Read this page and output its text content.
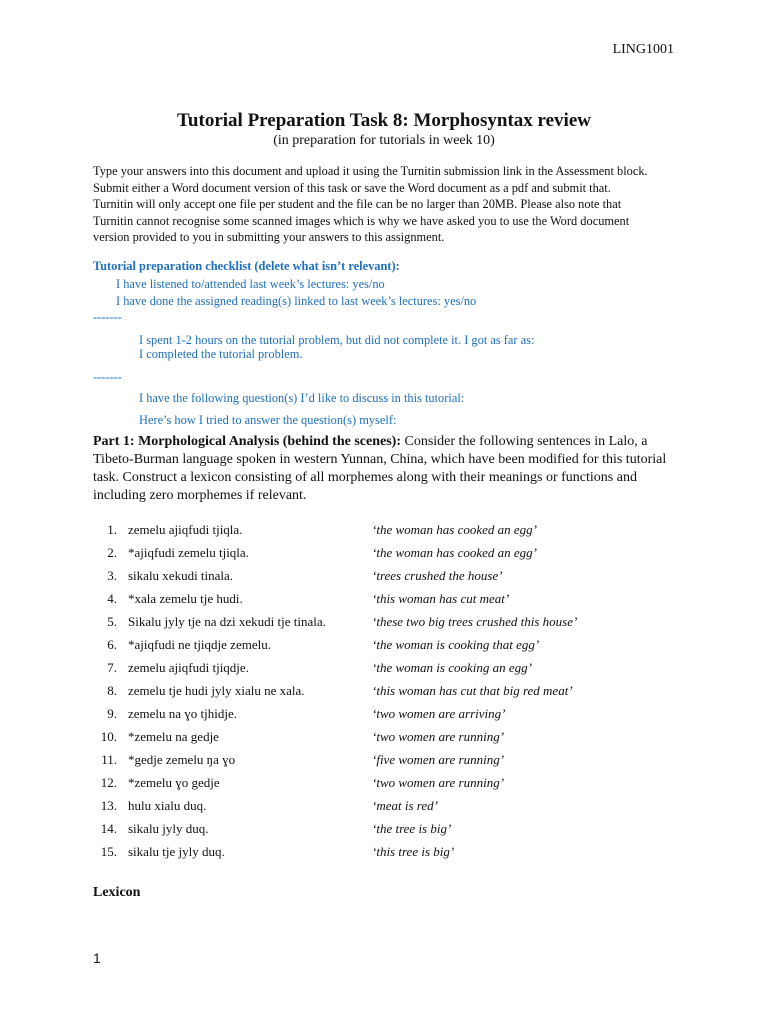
LING1001
Tutorial Preparation Task 8: Morphosyntax review
(in preparation for tutorials in week 10)
Type your answers into this document and upload it using the Turnitin submission link in the Assessment block.
Submit either a Word document version of this task or save the Word document as a pdf and submit that.
Turnitin will only accept one file per student and the file can be no larger than 20MB. Please also note that
Turnitin cannot recognise some scanned images which is why we have asked you to use the Word document
version provided to you in submitting your answers to this assignment.
Tutorial preparation checklist (delete what isn’t relevant):
I have listened to/attended last week’s lectures: yes/no
I have done the assigned reading(s) linked to last week’s lectures: yes/no
-------
I spent 1-2 hours on the tutorial problem, but did not complete it. I got as far as:
I completed the tutorial problem.
-------
I have the following question(s) I’d like to discuss in this tutorial:
Here’s how I tried to answer the question(s) myself:
Part 1: Morphological Analysis (behind the scenes): Consider the following sentences in Lalo, a Tibeto-Burman language spoken in western Yunnan, China, which have been modified for this tutorial task. Construct a lexicon consisting of all morphemes along with their meanings or functions and including zero morphemes if relevant.
1. zemelu ajiqfudi tjiqla.	‘the woman has cooked an egg’
2. *ajiqfudi zemelu tjiqla.	‘the woman has cooked an egg’
3. sikalu xekudi tinala.	‘trees crushed the house’
4. *xala zemelu tje hudi.	‘this woman has cut meat’
5. Sikalu jyly tje na dzi xekudi tje tinala.	‘these two big trees crushed this house’
6. *ajiqfudi ne tjiqdje zemelu.	‘the woman is cooking that egg’
7. zemelu ajiqfudi tjiqdje.	‘the woman is cooking an egg’
8. zemelu tje hudi jyly xialu ne xala.	‘this woman has cut that big red meat’
9. zemelu na ɣo tjhidje.	‘two women are arriving’
10. *zemelu na gedje	‘two women are running’
11. *gedje zemelu ŋa ɣo	‘five women are running’
12. *zemelu ɣo gedje	‘two women are running’
13. hulu xialu duq.	‘meat is red’
14. sikalu jyly duq.	‘the tree is big’
15. sikalu tje jyly duq.	‘this tree is big’
Lexicon
1
